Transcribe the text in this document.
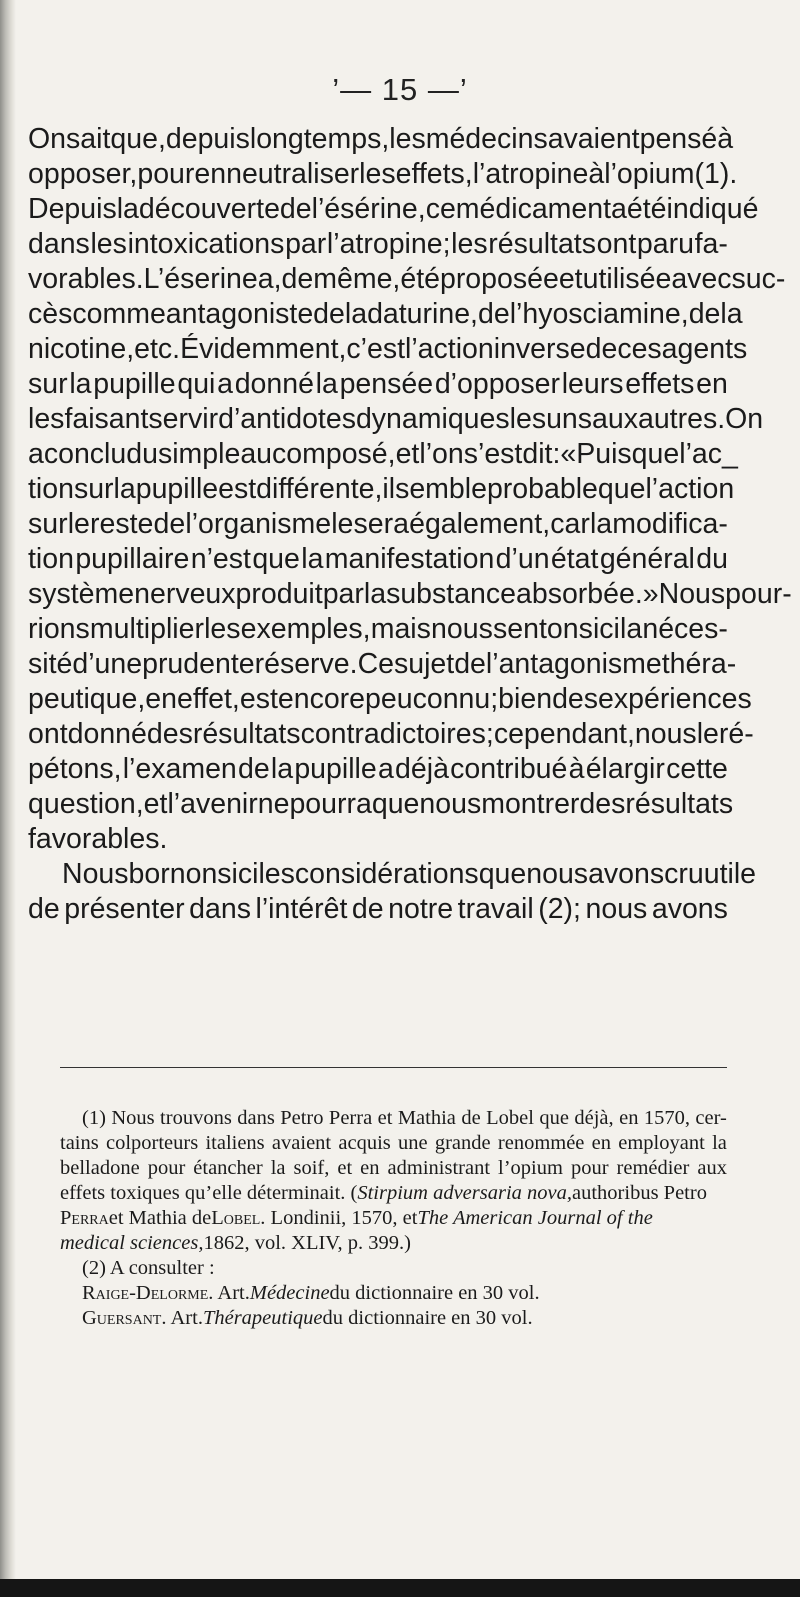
’— 15 —’
On sait que, depuis longtemps, les médecins avaient pensé à
opposer, pour en neutraliser les effets, l’atropine à l’opium (1).
Depuis la découverte de l’ésérine, ce médicament a été indiqué
dans les intoxications par l’atropine; les résultats ont paru fa-
vorables. L’éserine a, de même, été proposée et utilisée avec suc-
cès comme antagoniste de la daturine, de l’hyosciamine, de la
nicotine, etc. Évidemment, c’est l’action inverse de ces agents
sur la pupille qui a donné la pensée d’opposer leurs effets en
les faisant servir d’antidotes dynamiques les uns aux autres. On
a conclu du simple au composé, et l’on s’est dit: « Puisque l’ac_
tion sur la pupille est différente, il semble probable que l’action
sur le reste de l’organisme le sera également, car la modifica-
tion pupillaire n’est que la manifestation d’un état général du
système nerveux produit par la substance absorbée.» Nous pour-
rions multiplier les exemples, mais nous sentons ici la néces-
sité d’une prudente réserve. Ce sujet de l’antagonisme théra-
peutique, en effet, est encore peu connu; bien des expériences
ont donné des résultats contradictoires; cependant, nous le ré-
pétons, l’examen de la pupille a déjà contribué à élargir cette
question, et l’avenir ne pourra que nous montrer des résultats
favorables.
Nous bornons ici les considérations que nous avons cru utile
de présenter dans l’intérêt de notre travail (2); nous avons
(1) Nous trouvons dans Petro Perra et Mathia de Lobel que déjà, en 1570, cer-
tains colporteurs italiens avaient acquis une grande renommée en employant la
belladone pour étancher la soif, et en administrant l’opium pour remédier aux
effets toxiques qu’elle déterminait. ( Stirpium adversaria nova, authoribus Petro
Perra et Mathia de Lobel . Londinii, 1570, et The American Journal of the
medical sciences, 1862, vol. XLIV, p. 399.)
(2) A consulter :
Raige-Delorme . Art. Médecine du dictionnaire en 30 vol.
Guersant . Art. Thérapeutique du dictionnaire en 30 vol.
